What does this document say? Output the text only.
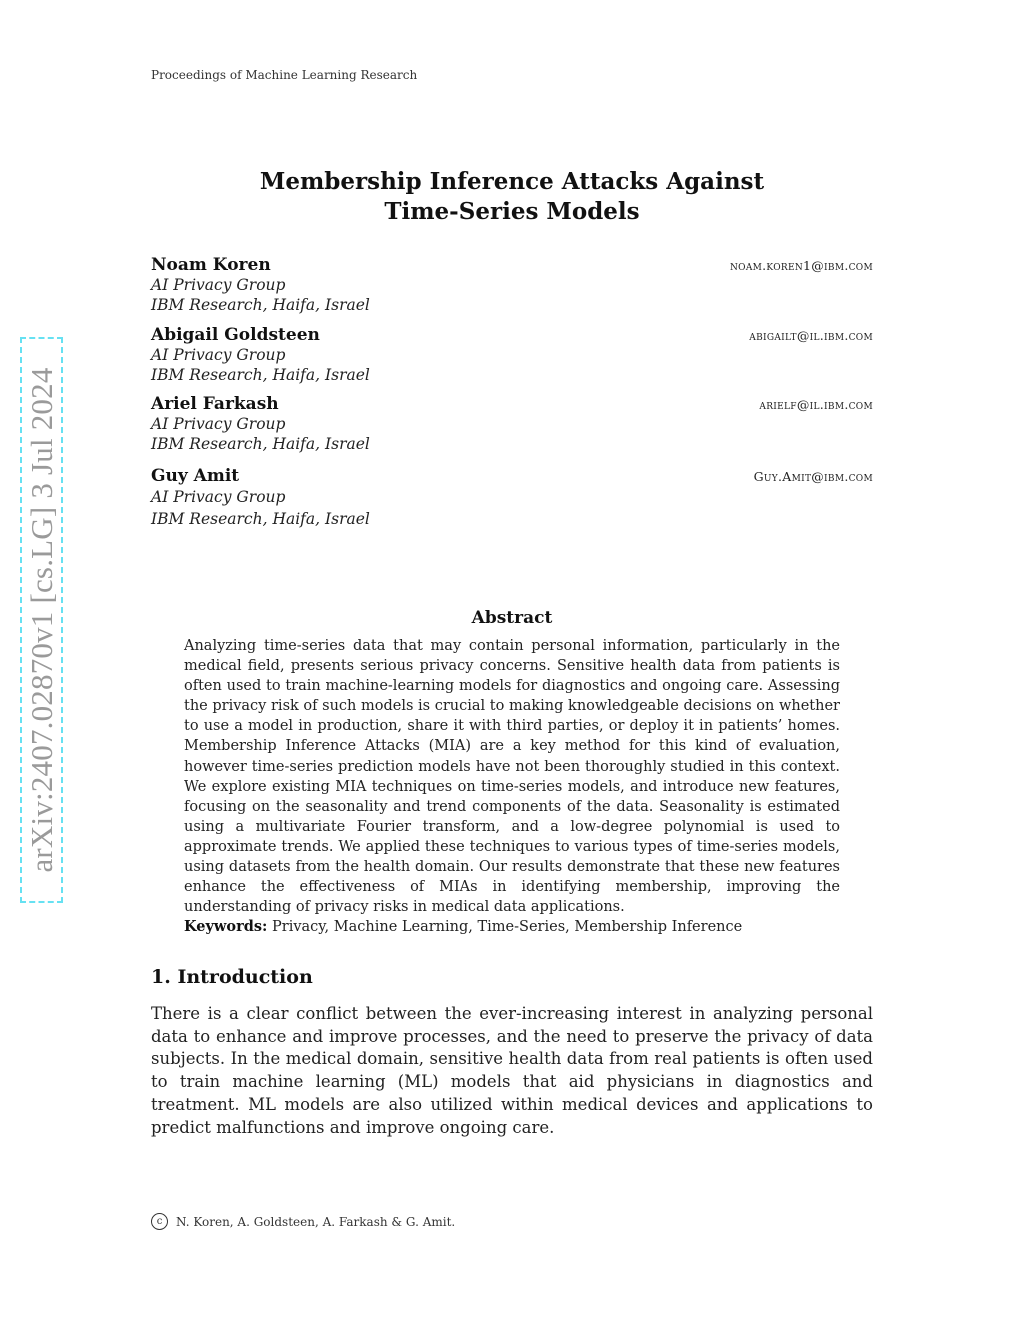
Proceedings of Machine Learning Research
Membership Inference Attacks Against
Time-Series Models
Noam Koren	noam.koren1@ibm.com
AI Privacy Group
IBM Research, Haifa, Israel
Abigail Goldsteen	abigailt@il.ibm.com
AI Privacy Group
IBM Research, Haifa, Israel
Ariel Farkash	arielf@il.ibm.com
AI Privacy Group
IBM Research, Haifa, Israel
Guy Amit	Guy.Amit@ibm.com
AI Privacy Group
IBM Research, Haifa, Israel
arXiv:2407.02870v1 [cs.LG] 3 Jul 2024	Abstract
Analyzing time-series data that may contain personal information, particularly in the medical field, presents serious privacy concerns. Sensitive health data from patients is often used to train machine-learning models for diagnostics and ongoing care. Assessing the privacy risk of such models is crucial to making knowledgeable decisions on whether to use a model in production, share it with third parties, or deploy it in patients’ homes. Membership Inference Attacks (MIA) are a key method for this kind of evaluation, however time-series prediction models have not been thoroughly studied in this context. We explore existing MIA techniques on time-series models, and introduce new features, focusing on the seasonality and trend components of the data. Seasonality is estimated using a multivariate Fourier transform, and a low-degree polynomial is used to approximate trends. We applied these techniques to various types of time-series models, using datasets from the health domain. Our results demonstrate that these new features enhance the effectiveness of MIAs in identifying membership, improving the understanding of privacy risks in medical data applications.
Keywords: Privacy, Machine Learning, Time-Series, Membership Inference
1. Introduction
There is a clear conflict between the ever-increasing interest in analyzing personal data to enhance and improve processes, and the need to preserve the privacy of data subjects. In the medical domain, sensitive health data from real patients is often used to train machine learning (ML) models that aid physicians in diagnostics and treatment. ML models are also utilized within medical devices and applications to predict malfunctions and improve ongoing care.
c	N. Koren, A. Goldsteen, A. Farkash & G. Amit.
